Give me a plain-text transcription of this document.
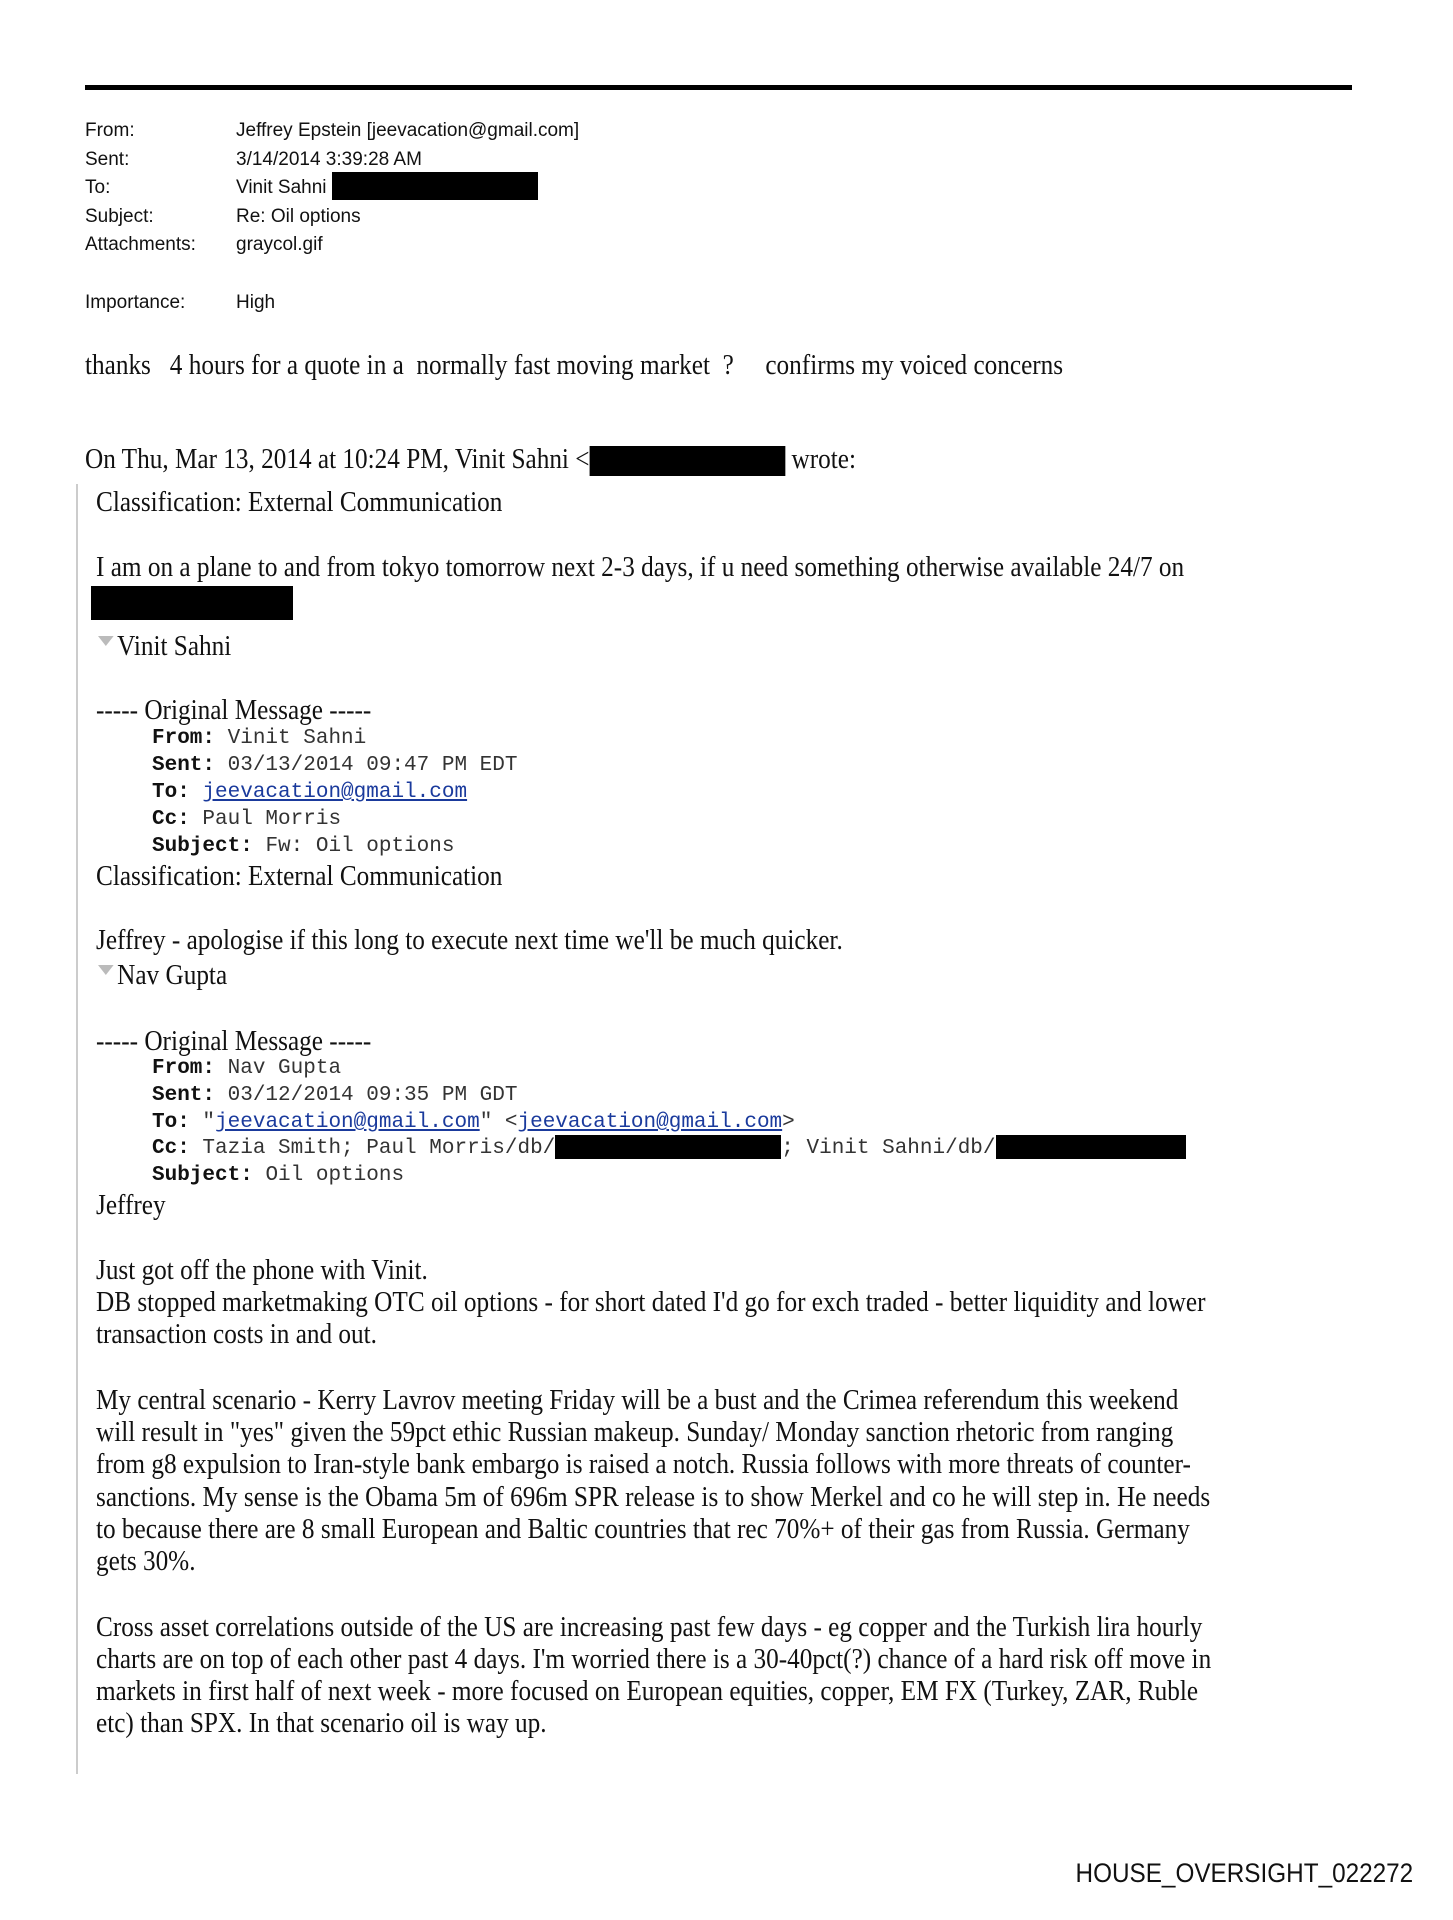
From:	Jeffrey Epstein [jeevacation@gmail.com]
Sent:	3/14/2014 3:39:28 AM
To:	Vinit Sahni
Subject:	Re: Oil options
Attachments:	graycol.gif
Importance:	High
thanks   4 hours for a quote in a  normally fast moving market  ?     confirms my voiced concerns
On Thu, Mar 13, 2014 at 10:24 PM, Vinit Sahni <	wrote:
Classification: External Communication
I am on a plane to and from tokyo tomorrow next 2-3 days, if u need something otherwise available 24/7 on
Vinit Sahni
----- Original Message -----
From: Vinit Sahni
Sent: 03/13/2014 09:47 PM EDT
To: jeevacation@gmail.com
Cc: Paul Morris
Subject: Fw: Oil options
Classification: External Communication
Jeffrey - apologise if this long to execute next time we'll be much quicker.
Nav Gupta
----- Original Message -----
From: Nav Gupta
Sent: 03/12/2014 09:35 PM GDT
To: "jeevacation@gmail.com" <jeevacation@gmail.com>
Cc: Tazia Smith; Paul Morris/db/	; Vinit Sahni/db/
Subject: Oil options
Jeffrey
Just got off the phone with Vinit.
DB stopped marketmaking OTC oil options - for short dated I'd go for exch traded - better liquidity and lower
transaction costs in and out.
My central scenario - Kerry Lavrov meeting Friday will be a bust and the Crimea referendum this weekend
will result in "yes" given the 59pct ethic Russian makeup. Sunday/ Monday sanction rhetoric from ranging
from g8 expulsion to Iran-style bank embargo is raised a notch. Russia follows with more threats of counter-
sanctions. My sense is the Obama 5m of 696m SPR release is to show Merkel and co he will step in. He needs
to because there are 8 small European and Baltic countries that rec 70%+ of their gas from Russia. Germany
gets 30%.
Cross asset correlations outside of the US are increasing past few days - eg copper and the Turkish lira hourly
charts are on top of each other past 4 days. I'm worried there is a 30-40pct(?) chance of a hard risk off move in
markets in first half of next week - more focused on European equities, copper, EM FX (Turkey, ZAR, Ruble
etc) than SPX. In that scenario oil is way up.
HOUSE_OVERSIGHT_022272
